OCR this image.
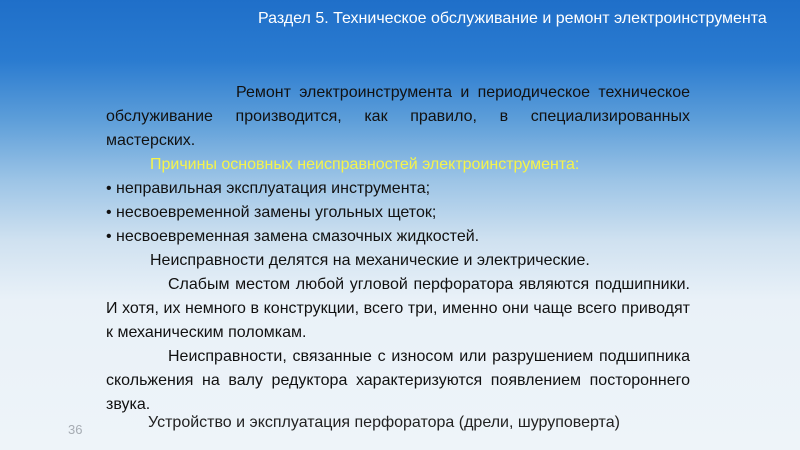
Раздел 5. Техническое обслуживание и ремонт электроинструмента

Ремонт электроинструмента и периодическое техническое обслуживание производится, как правило, в специализированных мастерских.

Причины основных неисправностей электроинструмента:

• неправильная эксплуатация инструмента;

• несвоевременной замены угольных щеток;

• несвоевременная замена смазочных жидкостей.

Неисправности делятся на механические и электрические.

Слабым местом любой угловой перфоратора являются подшипники. И хотя, их немного в конструкции, всего три, именно они чаще всего приводят к механическим поломкам.

Неисправности, связанные с износом или разрушением подшипника скольжения на валу редуктора характеризуются появлением постороннего звука.

Устройство и эксплуатация перфоратора (дрели, шуруповерта)
36
